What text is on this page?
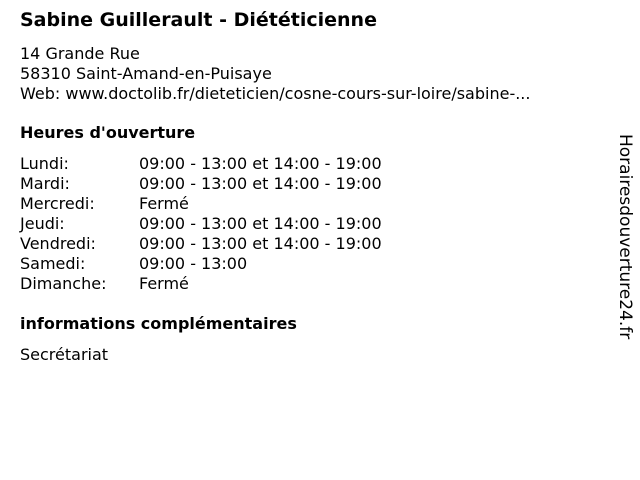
Sabine Guillerault - Diététicienne
14 Grande Rue
58310 Saint-Amand-en-Puisaye
Web: www.doctolib.fr/dieteticien/cosne-cours-sur-loire/sabine-...
Heures d'ouverture
Lundi:	09:00 - 13:00 et 14:00 - 19:00
Mardi:	09:00 - 13:00 et 14:00 - 19:00
Mercredi:	Fermé
Jeudi:	09:00 - 13:00 et 14:00 - 19:00
Vendredi:	09:00 - 13:00 et 14:00 - 19:00
Samedi:	09:00 - 13:00
Dimanche: Fermé
informations complémentaires
Secrétariat
Horairesdouverture24.fr
